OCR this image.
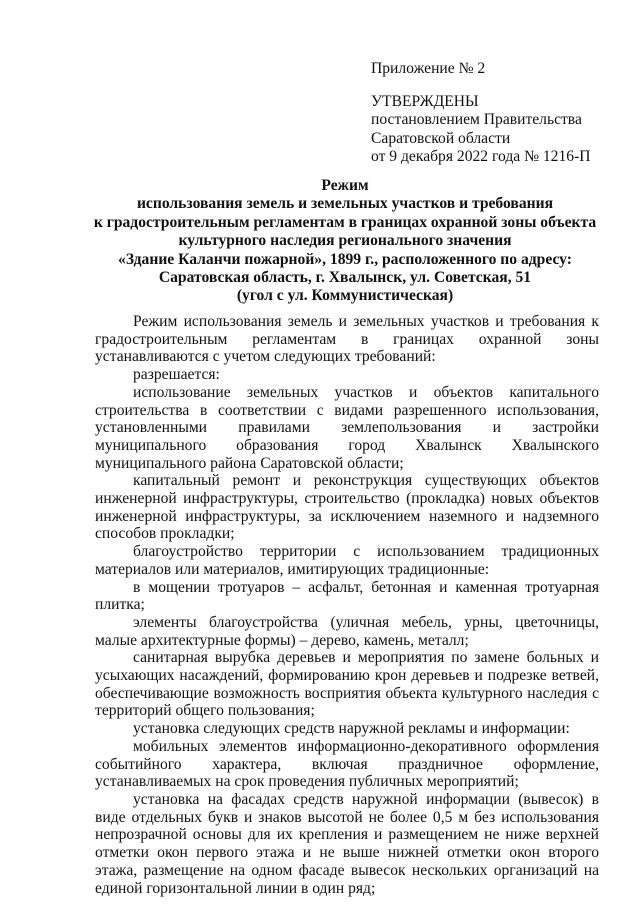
Приложение № 2
УТВЕРЖДЕНЫ
постановлением Правительства
Саратовской области
от 9 декабря 2022 года № 1216-П
Режим
использования земель и земельных участков и требования
к градостроительным регламентам в границах охранной зоны объекта
культурного наследия регионального значения
«Здание Каланчи пожарной», 1899 г., расположенного по адресу:
Саратовская область, г. Хвалынск, ул. Советская, 51
(угол с ул. Коммунистическая)

Режим использования земель и земельных участков и требования к градостроительным регламентам в границах охранной зоны устанавливаются с учетом следующих требований:

разрешается:

использование земельных участков и объектов капитального строительства в соответствии с видами разрешенного использования, установленными правилами землепользования и застройки муниципального образования город Хвалынск Хвалынского муниципального района Саратовской области;

капитальный ремонт и реконструкция существующих объектов инженерной инфраструктуры, строительство (прокладка) новых объектов инженерной инфраструктуры, за исключением наземного и надземного способов прокладки;

благоустройство территории с использованием традиционных материалов или материалов, имитирующих традиционные:

в мощении тротуаров – асфальт, бетонная и каменная тротуарная плитка;

элементы благоустройства (уличная мебель, урны, цветочницы, малые архитектурные формы) – дерево, камень, металл;

санитарная вырубка деревьев и мероприятия по замене больных и усыхающих насаждений, формированию крон деревьев и подрезке ветвей, обеспечивающие возможность восприятия объекта культурного наследия с территорий общего пользования;

установка следующих средств наружной рекламы и информации:

мобильных элементов информационно-декоративного оформления событийного характера, включая праздничное оформление, устанавливаемых на срок проведения публичных мероприятий;

установка на фасадах средств наружной информации (вывесок) в виде отдельных букв и знаков высотой не более 0,5 м без использования непрозрачной основы для их крепления и размещением не ниже верхней отметки окон первого этажа и не выше нижней отметки окон второго этажа, размещение на одном фасаде вывесок нескольких организаций на единой горизонтальной линии в один ряд;
